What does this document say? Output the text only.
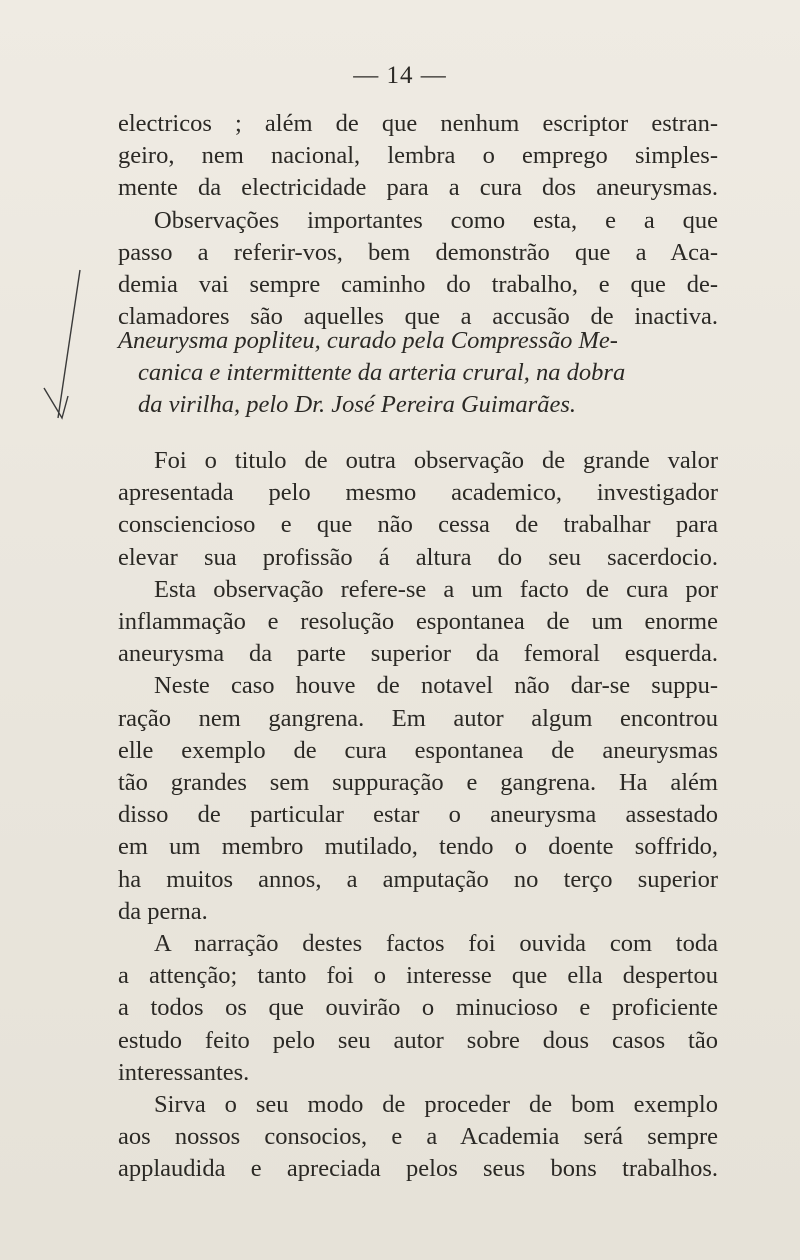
— 14 —
electricos ; além de que nenhum escriptor estran-
geiro, nem nacional, lembra o emprego simples-
mente da electricidade para a cura dos aneurysmas.
Observações importantes como esta, e a que
passo a referir-vos, bem demonstrão que a Aca-
demia vai sempre caminho do trabalho, e que de-
clamadores são aquelles que a accusão de inactiva.
Aneurysma popliteu, curado pela Compressão Me-
canica e intermittente da arteria crural, na dobra
da virilha, pelo Dr. José Pereira Guimarães.
Foi o titulo de outra observação de grande valor
apresentada pelo mesmo academico, investigador
consciencioso e que não cessa de trabalhar para
elevar sua profissão á altura do seu sacerdocio.
Esta observação refere-se a um facto de cura por
inflammação e resolução espontanea de um enorme
aneurysma da parte superior da femoral esquerda.
Neste caso houve de notavel não dar-se suppu-
ração nem gangrena. Em autor algum encontrou
elle exemplo de cura espontanea de aneurysmas
tão grandes sem suppuração e gangrena. Ha além
disso de particular estar o aneurysma assestado
em um membro mutilado, tendo o doente soffrido,
ha muitos annos, a amputação no terço superior
da perna.
A narração destes factos foi ouvida com toda
a attenção; tanto foi o interesse que ella despertou
a todos os que ouvirão o minucioso e proficiente
estudo feito pelo seu autor sobre dous casos tão
interessantes.
Sirva o seu modo de proceder de bom exemplo
aos nossos consocios, e a Academia será sempre
applaudida e apreciada pelos seus bons trabalhos.
